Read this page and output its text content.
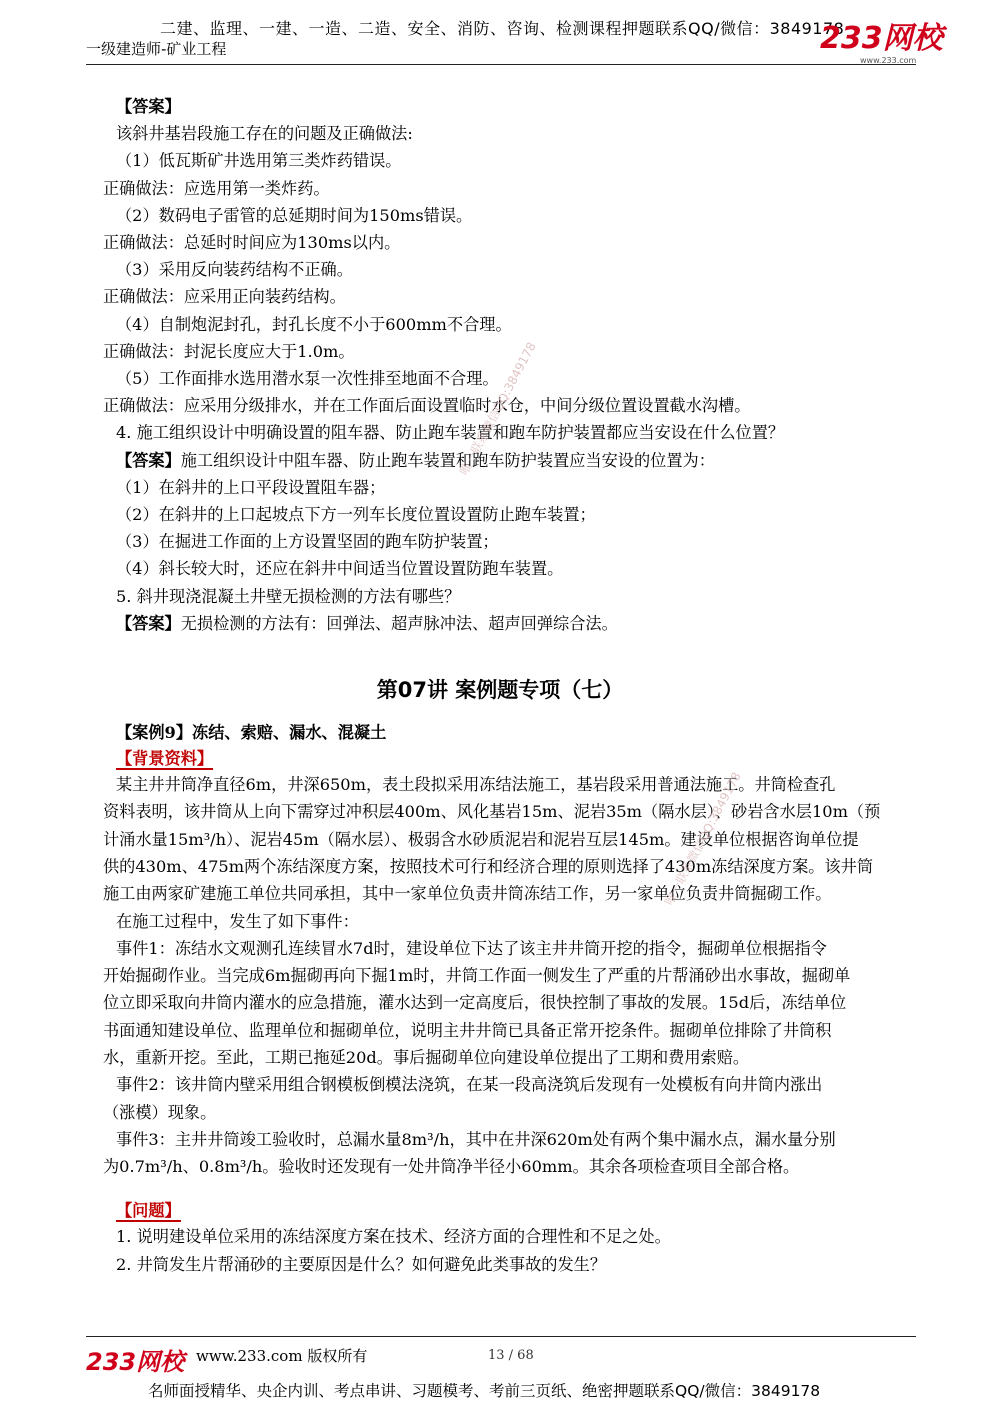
二建、监理、一建、一造、二造、安全、消防、咨询、检测课程押题联系QQ/微信：3849178
一级建造师-矿业工程	233网校
www.233.com
【答案】
该斜井基岩段施工存在的问题及正确做法:
（1）低瓦斯矿井选用第三类炸药错误。
正确做法：应选用第一类炸药。
（2）数码电子雷管的总延期时间为150ms错误。
正确做法：总延时时间应为130ms以内。
（3）采用反向装药结构不正确。
正确做法：应采用正向装药结构。
（4）自制炮泥封孔，封孔长度不小于600mm不合理。
正确做法：封泥长度应大于1.0m。
（5）工作面排水选用潜水泵一次性排至地面不合理。
正确做法：应采用分级排水，并在工作面后面设置临时水仓，中间分级位置设置截水沟槽。
4. 施工组织设计中明确设置的阻车器、防止跑车装置和跑车防护装置都应当安设在什么位置？
【答案】施工组织设计中阻车器、防止跑车装置和跑车防护装置应当安设的位置为：
（1）在斜井的上口平段设置阻车器；
（2）在斜井的上口起坡点下方一列车长度位置设置防止跑车装置；
（3）在掘进工作面的上方设置坚固的跑车防护装置；
（4）斜长较大时，还应在斜井中间适当位置设置防跑车装置。
5. 斜井现浇混凝土井壁无损检测的方法有哪些？
【答案】无损检测的方法有：回弹法、超声脉冲法、超声回弹综合法。
第07讲 案例题专项（七）
【案例9】冻结、索赔、漏水、混凝土
【背景资料】
某主井井筒净直径6m，井深650m，表土段拟采用冻结法施工，基岩段采用普通法施工。井筒检查孔
资料表明，该井筒从上向下需穿过冲积层400m、风化基岩15m、泥岩35m（隔水层）、砂岩含水层10m（预
计涌水量15m³/h）、泥岩45m（隔水层）、极弱含水砂质泥岩和泥岩互层145m。建设单位根据咨询单位提
供的430m、475m两个冻结深度方案，按照技术可行和经济合理的原则选择了430m冻结深度方案。该井筒
施工由两家矿建施工单位共同承担，其中一家单位负责井筒冻结工作，另一家单位负责井筒掘砌工作。
在施工过程中，发生了如下事件：
事件1：冻结水文观测孔连续冒水7d时，建设单位下达了该主井井筒开挖的指令，掘砌单位根据指令
开始掘砌作业。当完成6m掘砌再向下掘1m时，井筒工作面一侧发生了严重的片帮涌砂出水事故，掘砌单
位立即采取向井筒内灌水的应急措施，灌水达到一定高度后，很快控制了事故的发展。15d后，冻结单位
书面通知建设单位、监理单位和掘砌单位，说明主井井筒已具备正常开挖条件。掘砌单位排除了井筒积
水，重新开挖。至此，工期已拖延20d。事后掘砌单位向建设单位提出了工期和费用索赔。
事件2：该井筒内壁采用组合钢模板倒模法浇筑，在某一段高浇筑后发现有一处模板有向井筒内涨出
（涨模）现象。
事件3：主井井筒竣工验收时，总漏水量8m³/h，其中在井深620m处有两个集中漏水点，漏水量分别
为0.7m³/h、0.8m³/h。验收时还发现有一处井筒净半径小60mm。其余各项检查项目全部合格。
【问题】
1. 说明建设单位采用的冻结深度方案在技术、经济方面的合理性和不足之处。
2. 井筒发生片帮涌砂的主要原因是什么？如何避免此类事故的发生？
唯一联系微信QQ:3849178
唯一联系微信QQ:3849178
233网校 www.233.com 版权所有	13 / 68
名师面授精华、央企内训、考点串讲、习题模考、考前三页纸、绝密押题联系QQ/微信：3849178
